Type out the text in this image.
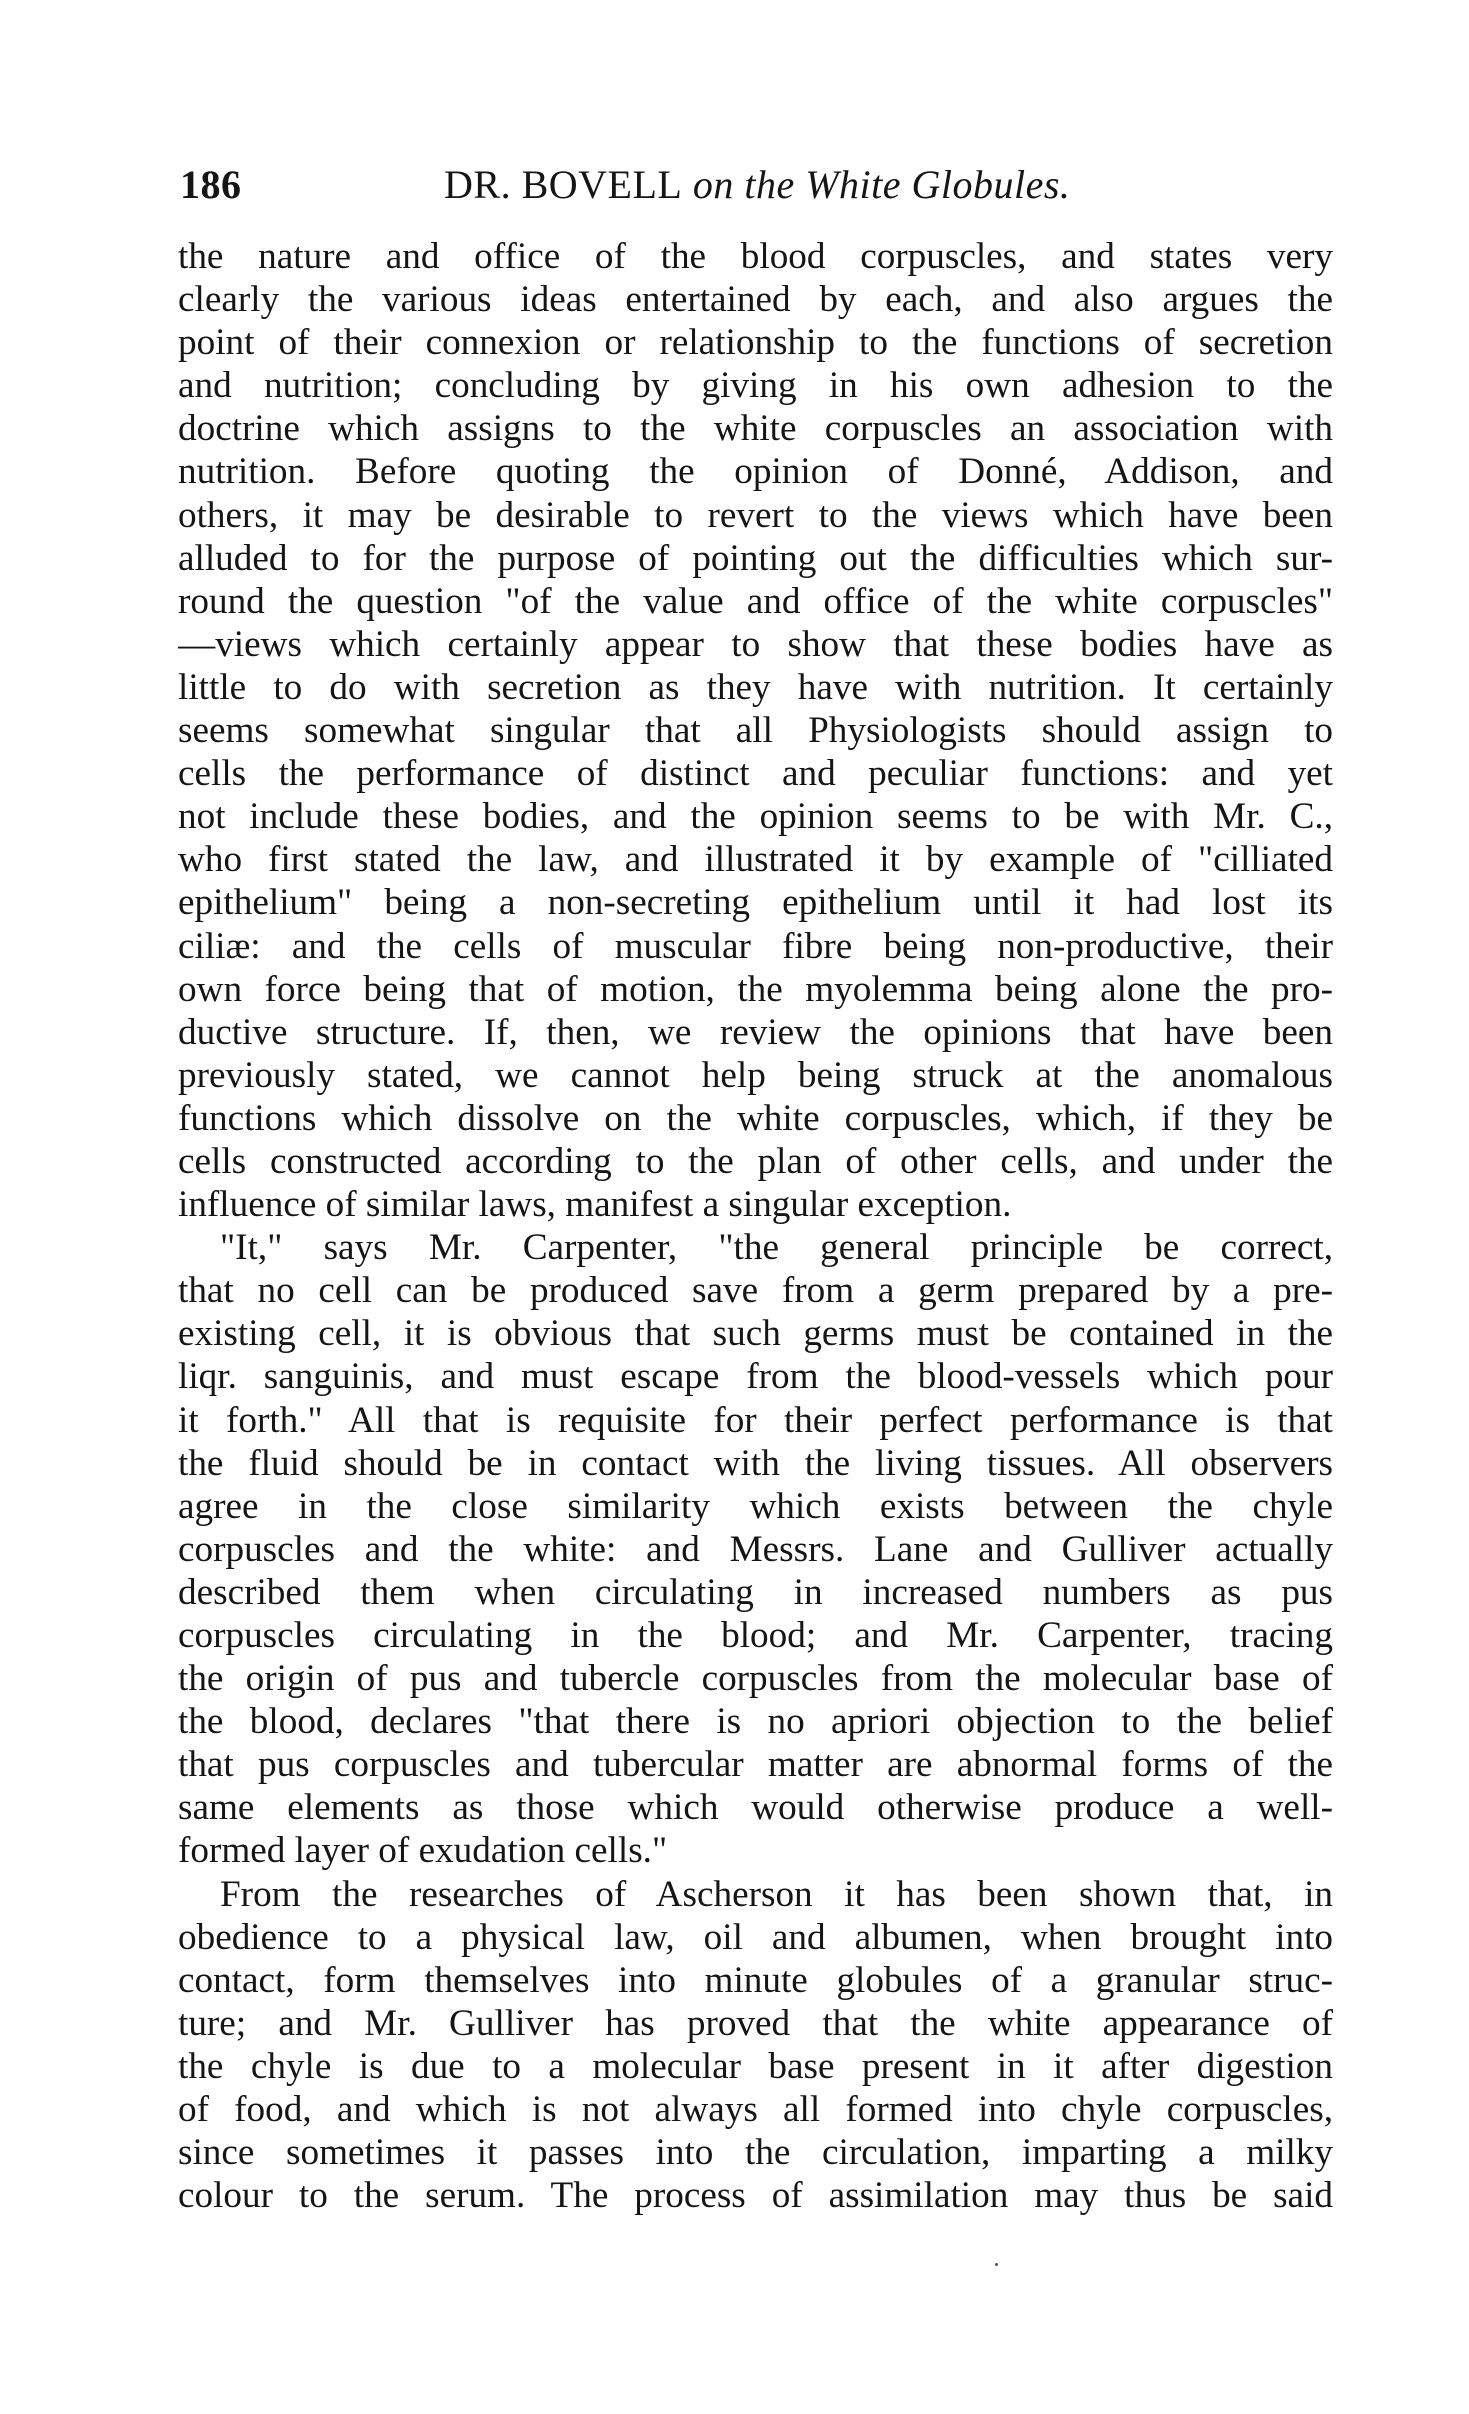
186	DR. BOVELL on the White Globules.

the nature and office of the blood corpuscles, and states very
clearly the various ideas entertained by each, and also argues the
point of their connexion or relationship to the functions of secretion
and nutrition; concluding by giving in his own adhesion to the
doctrine which assigns to the white corpuscles an association with
nutrition. Before quoting the opinion of Donné, Addison, and
others, it may be desirable to revert to the views which have been
alluded to for the purpose of pointing out the difficulties which sur-
round the question "of the value and office of the white corpuscles"
—views which certainly appear to show that these bodies have as
little to do with secretion as they have with nutrition. It certainly
seems somewhat singular that all Physiologists should assign to
cells the performance of distinct and peculiar functions: and yet
not include these bodies, and the opinion seems to be with Mr. C.,
who first stated the law, and illustrated it by example of "cilliated
epithelium" being a non-secreting epithelium until it had lost its
ciliæ: and the cells of muscular fibre being non-productive, their
own force being that of motion, the myolemma being alone the pro-
ductive structure. If, then, we review the opinions that have been
previously stated, we cannot help being struck at the anomalous
functions which dissolve on the white corpuscles, which, if they be
cells constructed according to the plan of other cells, and under the
influence of similar laws, manifest a singular exception.

"It," says Mr. Carpenter, "the general principle be correct,
that no cell can be produced save from a germ prepared by a pre-
existing cell, it is obvious that such germs must be contained in the
liqr. sanguinis, and must escape from the blood-vessels which pour
it forth." All that is requisite for their perfect performance is that
the fluid should be in contact with the living tissues. All observers
agree in the close similarity which exists between the chyle
corpuscles and the white: and Messrs. Lane and Gulliver actually
described them when circulating in increased numbers as pus
corpuscles circulating in the blood; and Mr. Carpenter, tracing
the origin of pus and tubercle corpuscles from the molecular base of
the blood, declares "that there is no apriori objection to the belief
that pus corpuscles and tubercular matter are abnormal forms of the
same elements as those which would otherwise produce a well-
formed layer of exudation cells."

From the researches of Ascherson it has been shown that, in
obedience to a physical law, oil and albumen, when brought into
contact, form themselves into minute globules of a granular struc-
ture; and Mr. Gulliver has proved that the white appearance of
the chyle is due to a molecular base present in it after digestion
of food, and which is not always all formed into chyle corpuscles,
since sometimes it passes into the circulation, imparting a milky
colour to the serum. The process of assimilation may thus be said
